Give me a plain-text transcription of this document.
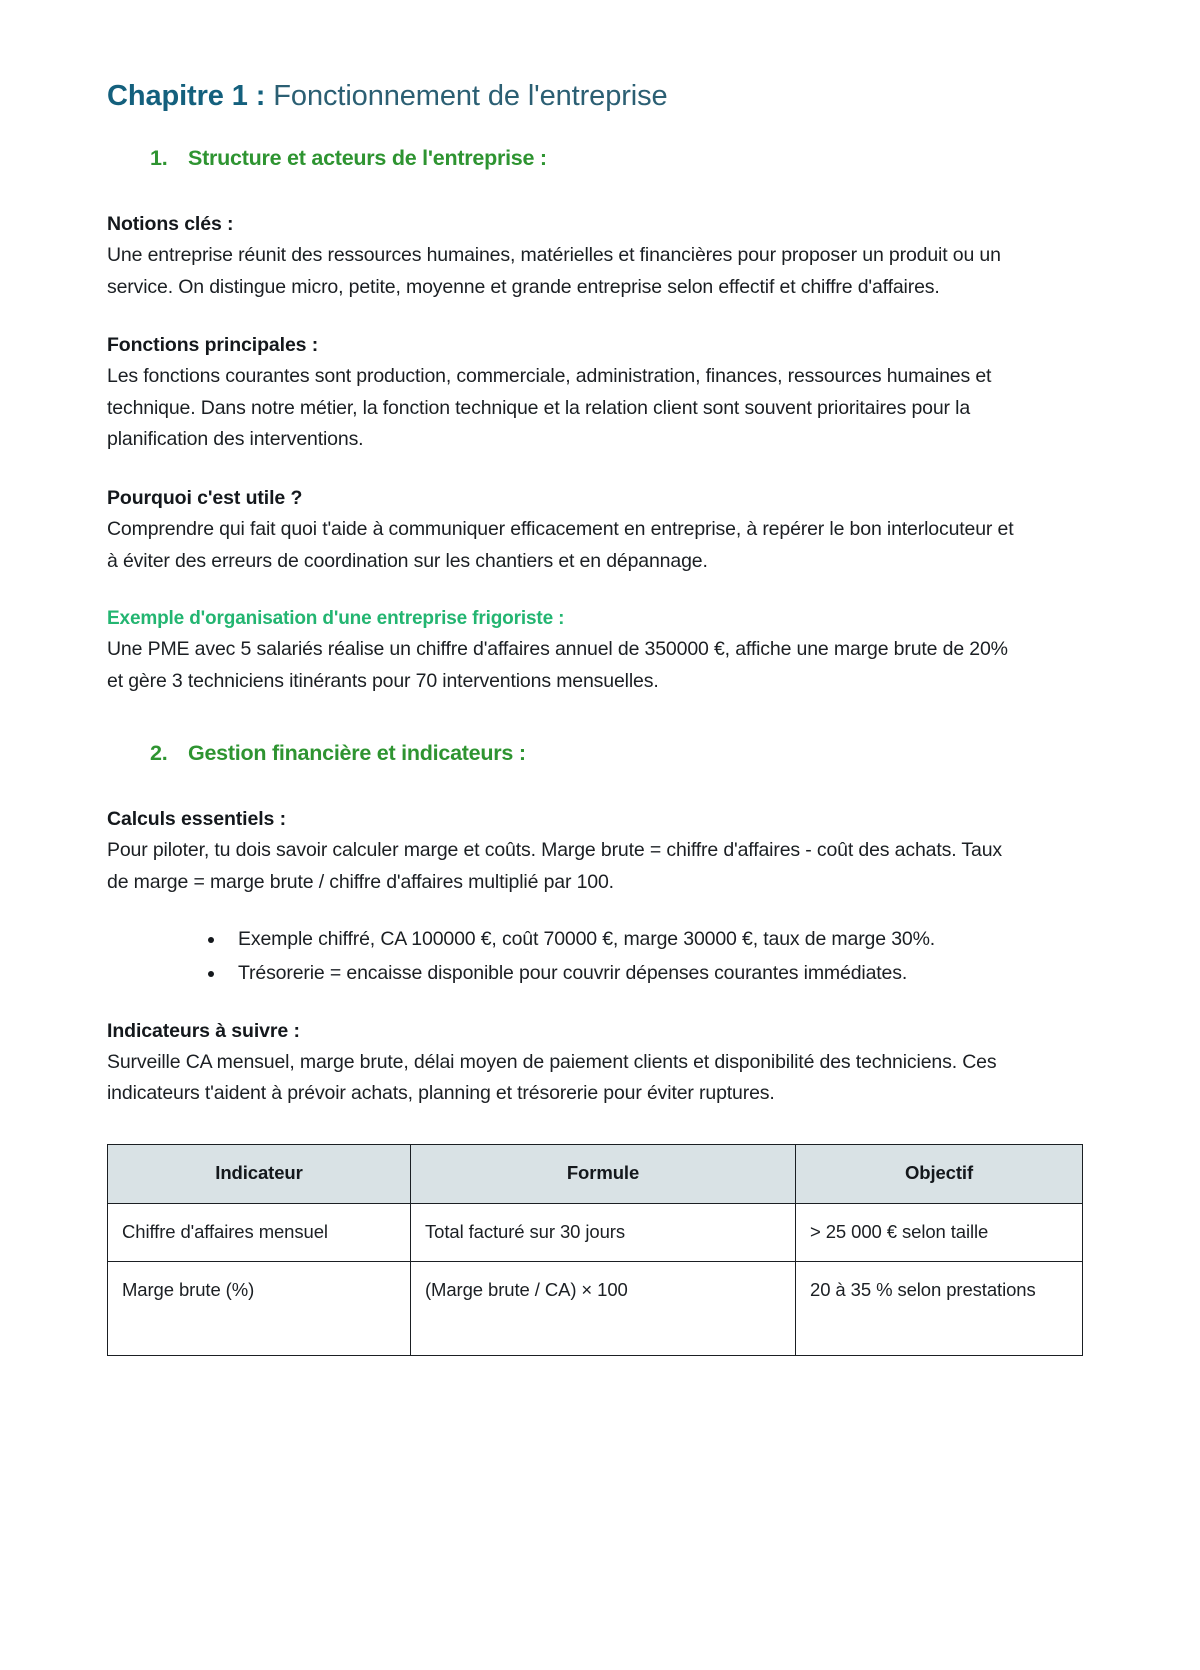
Chapitre 1 : Fonctionnement de l'entreprise
1. Structure et acteurs de l'entreprise :
Notions clés :

Une entreprise réunit des ressources humaines, matérielles et financières pour proposer un produit ou un service. On distingue micro, petite, moyenne et grande entreprise selon effectif et chiffre d'affaires.

Fonctions principales :

Les fonctions courantes sont production, commerciale, administration, finances, ressources humaines et technique. Dans notre métier, la fonction technique et la relation client sont souvent prioritaires pour la planification des interventions.

Pourquoi c'est utile ?

Comprendre qui fait quoi t'aide à communiquer efficacement en entreprise, à repérer le bon interlocuteur et à éviter des erreurs de coordination sur les chantiers et en dépannage.

Exemple d'organisation d'une entreprise frigoriste :

Une PME avec 5 salariés réalise un chiffre d'affaires annuel de 350000 €, affiche une marge brute de 20% et gère 3 techniciens itinérants pour 70 interventions mensuelles.

2. Gestion financière et indicateurs :
Calculs essentiels :

Pour piloter, tu dois savoir calculer marge et coûts. Marge brute = chiffre d'affaires - coût des achats. Taux de marge = marge brute / chiffre d'affaires multiplié par 100.

Exemple chiffré, CA 100000 €, coût 70000 €, marge 30000 €, taux de marge 30%.
Trésorerie = encaisse disponible pour couvrir dépenses courantes immédiates.
Indicateurs à suivre :

Surveille CA mensuel, marge brute, délai moyen de paiement clients et disponibilité des techniciens. Ces indicateurs t'aident à prévoir achats, planning et trésorerie pour éviter ruptures.

Indicateur	Formule	Objectif
Chiffre d'affaires mensuel	Total facturé sur 30 jours	> 25 000 € selon taille
Marge brute (%)	(Marge brute / CA) × 100	20 à 35 % selon prestations
